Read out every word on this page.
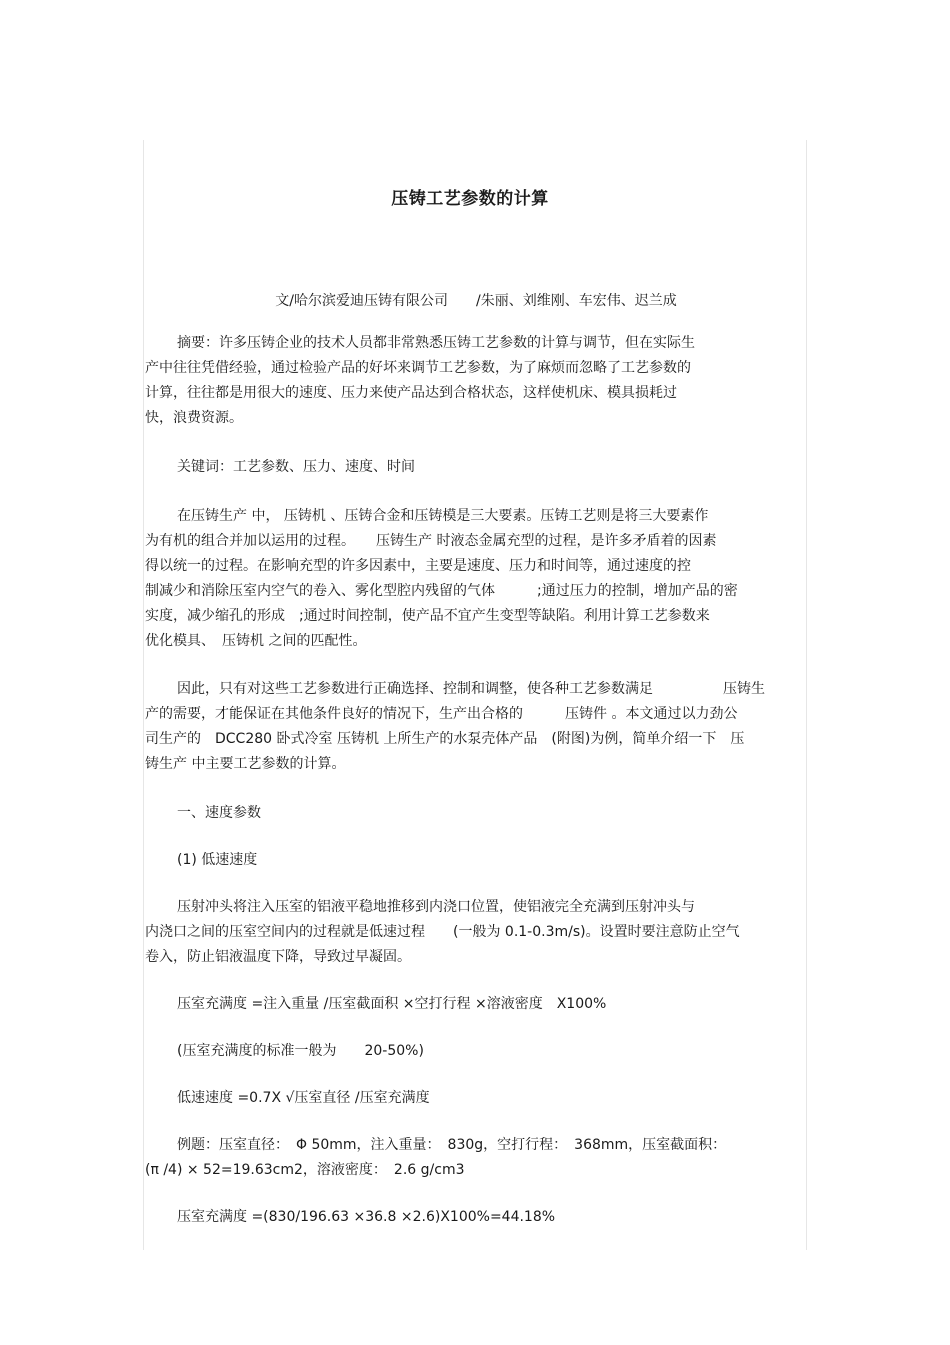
压铸工艺参数的计算
文/哈尔滨爱迪压铸有限公司　　/朱丽、刘维刚、车宏伟、迟兰成
摘要：许多压铸企业的技术人员都非常熟悉压铸工艺参数的计算与调节，但在实际生
产中往往凭借经验，通过检验产品的好坏来调节工艺参数，为了麻烦而忽略了工艺参数的
计算，往往都是用很大的速度、压力来使产品达到合格状态，这样使机床、模具损耗过
快，浪费资源。
关键词：工艺参数、压力、速度、时间
在压铸生产 中， 压铸机 、压铸合金和压铸模是三大要素。压铸工艺则是将三大要素作
为有机的组合并加以运用的过程。　　压铸生产 时液态金属充型的过程，是许多矛盾着的因素
得以统一的过程。在影响充型的许多因素中，主要是速度、压力和时间等，通过速度的控
制减少和消除压室内空气的卷入、雾化型腔内残留的气体　　　;通过压力的控制，增加产品的密
实度，减少缩孔的形成　;通过时间控制，使产品不宜产生变型等缺陷。利用计算工艺参数来
优化模具、　压铸机 之间的匹配性。
因此，只有对这些工艺参数进行正确选择、控制和调整，使各种工艺参数满足　　　　　压铸生
产的需要，才能保证在其他条件良好的情况下，生产出合格的　　　压铸件 。本文通过以力劲公
司生产的　DCC280 卧式冷室 压铸机 上所生产的水泵壳体产品　(附图)为例，简单介绍一下　压
铸生产 中主要工艺参数的计算。
一、速度参数
(1) 低速速度
压射冲头将注入压室的铝液平稳地推移到内浇口位置，使铝液完全充满到压射冲头与
内浇口之间的压室空间内的过程就是低速过程　　(一般为 0.1-0.3m/s)。设置时要注意防止空气
卷入，防止铝液温度下降，导致过早凝固。
压室充满度 =注入重量 /压室截面积 ×空打行程 ×溶液密度　X100%
(压室充满度的标准一般为　　20-50%)
低速速度 =0.7X √压室直径 /压室充满度
例题：压室直径：　Φ 50mm，注入重量：　830g，空打行程：　368mm，压室截面积：
(π /4) × 52=19.63cm2，溶液密度：　2.6 g/cm3
压室充满度 =(830/196.63 ×36.8 ×2.6)X100%=44.18%
